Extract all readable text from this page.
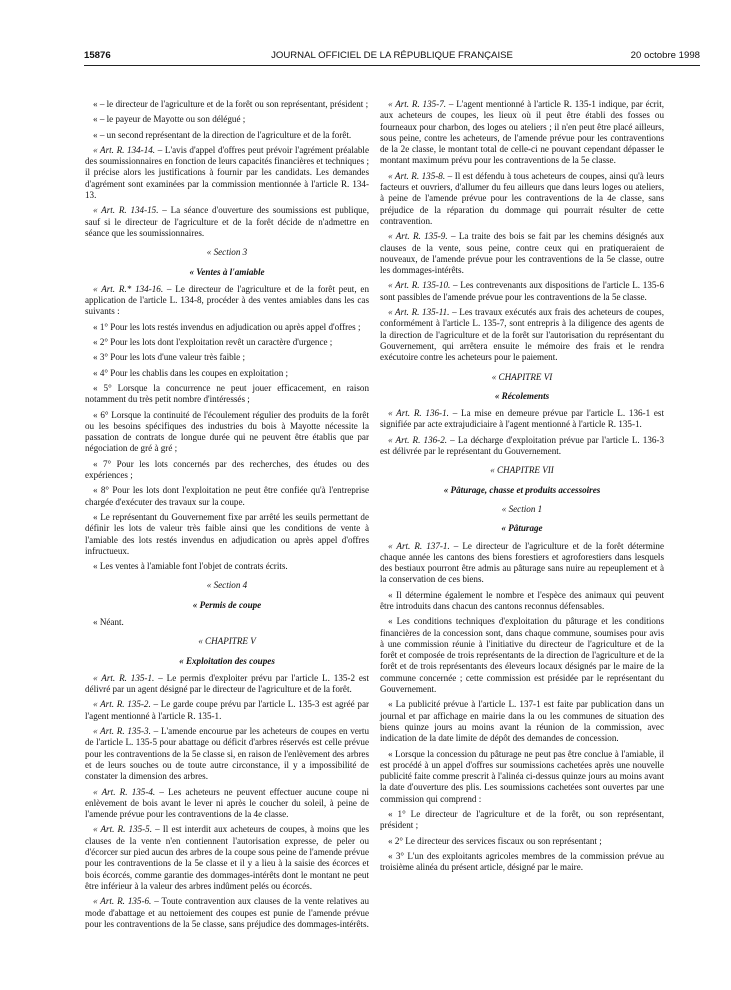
15876	JOURNAL OFFICIEL DE LA RÉPUBLIQUE FRANÇAISE	20 octobre 1998

« – le directeur de l'agriculture et de la forêt ou son représentant, président ;

« – le payeur de Mayotte ou son délégué ;

« – un second représentant de la direction de l'agriculture et de la forêt.

« Art. R. 134-14. – L'avis d'appel d'offres peut prévoir l'agrément préalable des soumissionnaires en fonction de leurs capacités financières et techniques ; il précise alors les justifications à fournir par les candidats. Les demandes d'agrément sont examinées par la commission mentionnée à l'article R. 134-13.

« Art. R. 134-15. – La séance d'ouverture des soumissions est publique, sauf si le directeur de l'agriculture et de la forêt décide de n'admettre en séance que les soumissionnaires.

« Section 3

« Ventes à l'amiable

« Art. R.* 134-16. – Le directeur de l'agriculture et de la forêt peut, en application de l'article L. 134-8, procéder à des ventes amiables dans les cas suivants :

« 1° Pour les lots restés invendus en adjudication ou après appel d'offres ;

« 2° Pour les lots dont l'exploitation revêt un caractère d'urgence ;

« 3° Pour les lots d'une valeur très faible ;

« 4° Pour les chablis dans les coupes en exploitation ;

« 5° Lorsque la concurrence ne peut jouer efficacement, en raison notamment du très petit nombre d'intéressés ;

« 6° Lorsque la continuité de l'écoulement régulier des produits de la forêt ou les besoins spécifiques des industries du bois à Mayotte nécessite la passation de contrats de longue durée qui ne peuvent être établis que par négociation de gré à gré ;

« 7° Pour les lots concernés par des recherches, des études ou des expériences ;

« 8° Pour les lots dont l'exploitation ne peut être confiée qu'à l'entreprise chargée d'exécuter des travaux sur la coupe.

« Le représentant du Gouvernement fixe par arrêté les seuils permettant de définir les lots de valeur très faible ainsi que les conditions de vente à l'amiable des lots restés invendus en adjudication ou après appel d'offres infructueux.

« Les ventes à l'amiable font l'objet de contrats écrits.

« Section 4

« Permis de coupe

« Néant.

« CHAPITRE V

« Exploitation des coupes

« Art. R. 135-1. – Le permis d'exploiter prévu par l'article L. 135-2 est délivré par un agent désigné par le directeur de l'agriculture et de la forêt.

« Art. R. 135-2. – Le garde coupe prévu par l'article L. 135-3 est agréé par l'agent mentionné à l'article R. 135-1.

« Art. R. 135-3. – L'amende encourue par les acheteurs de coupes en vertu de l'article L. 135-5 pour abattage ou déficit d'arbres réservés est celle prévue pour les contraventions de la 5e classe si, en raison de l'enlèvement des arbres et de leurs souches ou de toute autre circonstance, il y a impossibilité de constater la dimension des arbres.

« Art. R. 135-4. – Les acheteurs ne peuvent effectuer aucune coupe ni enlèvement de bois avant le lever ni après le coucher du soleil, à peine de l'amende prévue pour les contraventions de la 4e classe.

« Art. R. 135-5. – Il est interdit aux acheteurs de coupes, à moins que les clauses de la vente n'en contiennent l'autorisation expresse, de peler ou d'écorcer sur pied aucun des arbres de la coupe sous peine de l'amende prévue pour les contraventions de la 5e classe et il y a lieu à la saisie des écorces et bois écorcés, comme garantie des dommages-intérêts dont le montant ne peut être inférieur à la valeur des arbres indûment pelés ou écorcés.

« Art. R. 135-6. – Toute contravention aux clauses de la vente relatives au mode d'abattage et au nettoiement des coupes est punie de l'amende prévue pour les contraventions de la 5e classe, sans préjudice des dommages-intérêts.

« Art. R. 135-7. – L'agent mentionné à l'article R. 135-1 indique, par écrit, aux acheteurs de coupes, les lieux où il peut être établi des fosses ou fourneaux pour charbon, des loges ou ateliers ; il n'en peut être placé ailleurs, sous peine, contre les acheteurs, de l'amende prévue pour les contraventions de la 2e classe, le montant total de celle-ci ne pouvant cependant dépasser le montant maximum prévu pour les contraventions de la 5e classe.

« Art. R. 135-8. – Il est défendu à tous acheteurs de coupes, ainsi qu'à leurs facteurs et ouvriers, d'allumer du feu ailleurs que dans leurs loges ou ateliers, à peine de l'amende prévue pour les contraventions de la 4e classe, sans préjudice de la réparation du dommage qui pourrait résulter de cette contravention.

« Art. R. 135-9. – La traite des bois se fait par les chemins désignés aux clauses de la vente, sous peine, contre ceux qui en pratiqueraient de nouveaux, de l'amende prévue pour les contraventions de la 5e classe, outre les dommages-intérêts.

« Art. R. 135-10. – Les contrevenants aux dispositions de l'article L. 135-6 sont passibles de l'amende prévue pour les contraventions de la 5e classe.

« Art. R. 135-11. – Les travaux exécutés aux frais des acheteurs de coupes, conformément à l'article L. 135-7, sont entrepris à la diligence des agents de la direction de l'agriculture et de la forêt sur l'autorisation du représentant du Gouvernement, qui arrêtera ensuite le mémoire des frais et le rendra exécutoire contre les acheteurs pour le paiement.

« CHAPITRE VI

« Récolements

« Art. R. 136-1. – La mise en demeure prévue par l'article L. 136-1 est signifiée par acte extrajudiciaire à l'agent mentionné à l'article R. 135-1.

« Art. R. 136-2. – La décharge d'exploitation prévue par l'article L. 136-3 est délivrée par le représentant du Gouvernement.

« CHAPITRE VII

« Pâturage, chasse et produits accessoires

« Section 1

« Pâturage

« Art. R. 137-1. – Le directeur de l'agriculture et de la forêt détermine chaque année les cantons des biens forestiers et agroforestiers dans lesquels des bestiaux pourront être admis au pâturage sans nuire au repeuplement et à la conservation de ces biens.

« Il détermine également le nombre et l'espèce des animaux qui peuvent être introduits dans chacun des cantons reconnus défensables.

« Les conditions techniques d'exploitation du pâturage et les conditions financières de la concession sont, dans chaque commune, soumises pour avis à une commission réunie à l'initiative du directeur de l'agriculture et de la forêt et composée de trois représentants de la direction de l'agriculture et de la forêt et de trois représentants des éleveurs locaux désignés par le maire de la commune concernée ; cette commission est présidée par le représentant du Gouvernement.

« La publicité prévue à l'article L. 137-1 est faite par publication dans un journal et par affichage en mairie dans la ou les communes de situation des biens quinze jours au moins avant la réunion de la commission, avec indication de la date limite de dépôt des demandes de concession.

« Lorsque la concession du pâturage ne peut pas être conclue à l'amiable, il est procédé à un appel d'offres sur soumissions cachetées après une nouvelle publicité faite comme prescrit à l'alinéa ci-dessus quinze jours au moins avant la date d'ouverture des plis. Les soumissions cachetées sont ouvertes par une commission qui comprend :

« 1° Le directeur de l'agriculture et de la forêt, ou son représentant, président ;

« 2° Le directeur des services fiscaux ou son représentant ;

« 3° L'un des exploitants agricoles membres de la commission prévue au troisième alinéa du présent article, désigné par le maire.
